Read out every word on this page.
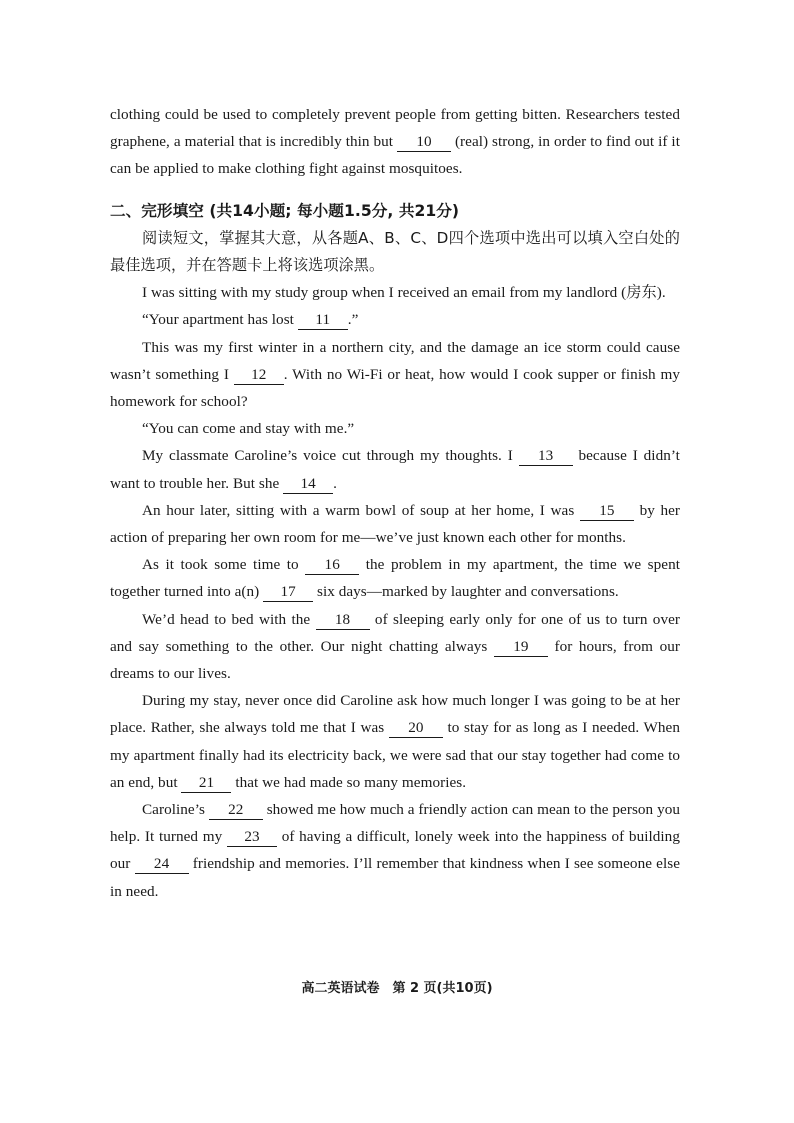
clothing could be used to completely prevent people from getting bitten. Researchers tested graphene, a material that is incredibly thin but 10 (real) strong, in order to find out if it can be applied to make clothing fight against mosquitoes.

二、完形填空 (共14小题; 每小题1.5分, 共21分)

阅读短文，掌握其大意，从各题A、B、C、D四个选项中选出可以填入空白处的最佳选项，并在答题卡上将该选项涂黑。

I was sitting with my study group when I received an email from my landlord (房东).

“Your apartment has lost 11 .”

This was my first winter in a northern city, and the damage an ice storm could cause wasn’t something I 12 . With no Wi-Fi or heat, how would I cook supper or finish my homework for school?

“You can come and stay with me.”

My classmate Caroline’s voice cut through my thoughts. I 13 because I didn’t want to trouble her. But she 14 .

An hour later, sitting with a warm bowl of soup at her home, I was 15 by her action of preparing her own room for me—we’ve just known each other for months.

As it took some time to 16 the problem in my apartment, the time we spent together turned into a(n) 17 six days—marked by laughter and conversations.

We’d head to bed with the 18 of sleeping early only for one of us to turn over and say something to the other. Our night chatting always 19 for hours, from our dreams to our lives.

During my stay, never once did Caroline ask how much longer I was going to be at her place. Rather, she always told me that I was 20 to stay for as long as I needed. When my apartment finally had its electricity back, we were sad that our stay together had come to an end, but 21 that we had made so many memories.

Caroline’s 22 showed me how much a friendly action can mean to the person you help. It turned my 23 of having a difficult, lonely week into the happiness of building our 24 friendship and memories. I’ll remember that kindness when I see someone else in need.

高二英语试卷　第 2 页(共10页)
